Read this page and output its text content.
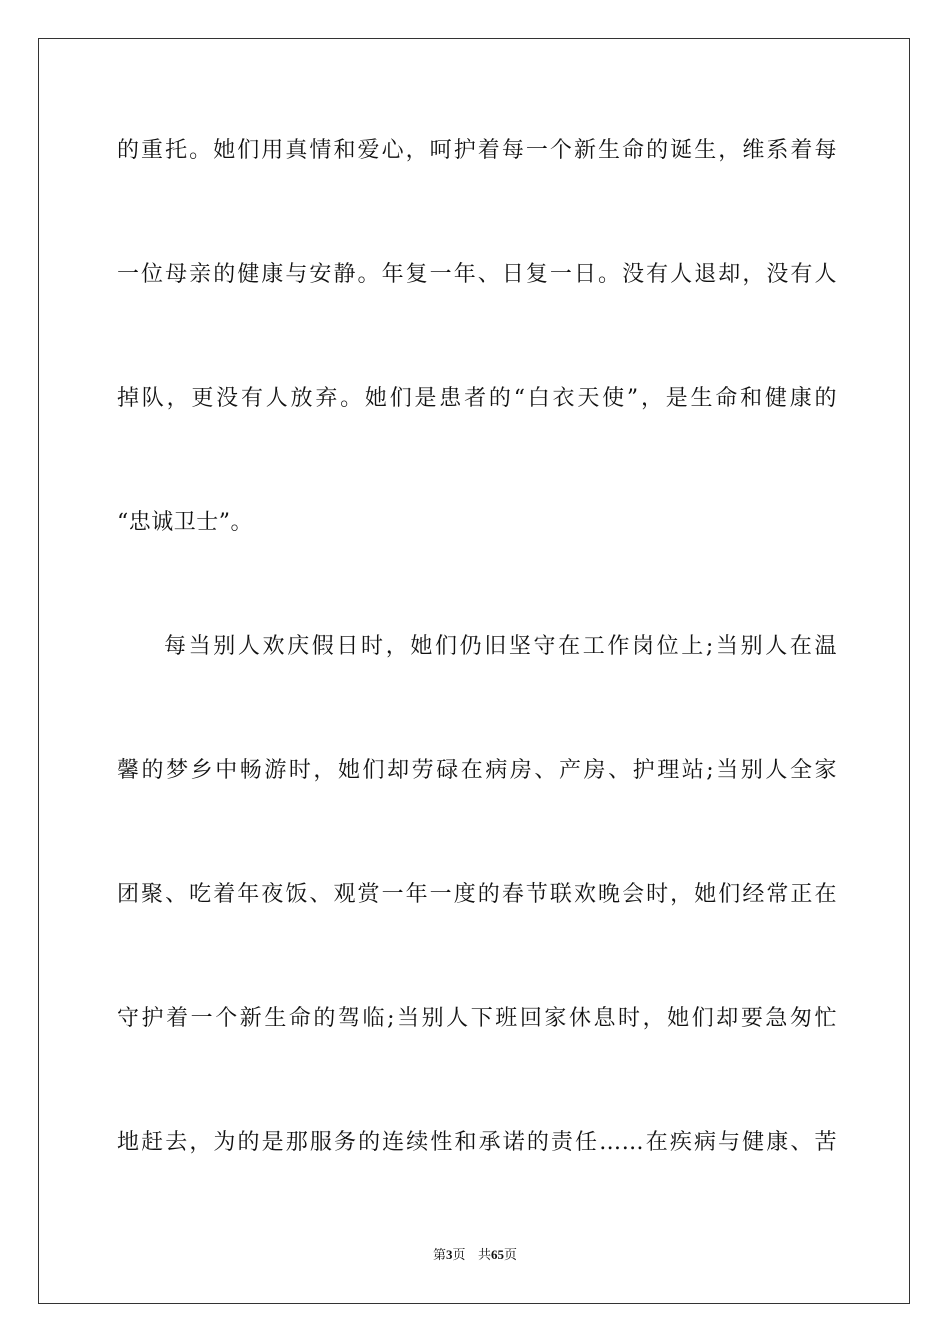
的重托。她们用真情和爱心，呵护着每一个新生命的诞生，维系着每
一位母亲的健康与安静。年复一年、日复一日。没有人退却，没有人
掉队，更没有人放弃。她们是患者的“白衣天使”，是生命和健康的
“忠诚卫士”。
每当别人欢庆假日时，她们仍旧坚守在工作岗位上;当别人在温
馨的梦乡中畅游时，她们却劳碌在病房、产房、护理站;当别人全家
团聚、吃着年夜饭、观赏一年一度的春节联欢晚会时，她们经常正在
守护着一个新生命的驾临;当别人下班回家休息时，她们却要急匆忙
地赶去，为的是那服务的连续性和承诺的责任……在疾病与健康、苦
第3页 共65页
